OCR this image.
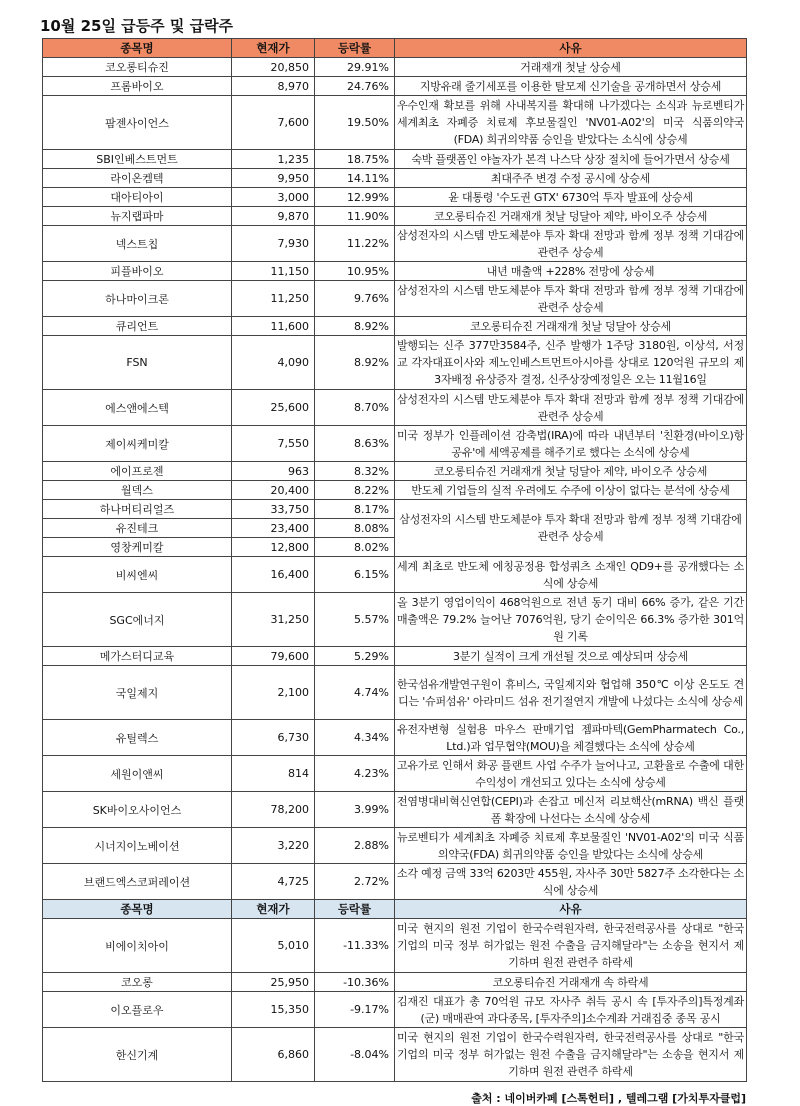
10월 25일 급등주 및 급락주
종목명	현재가	등락률	사유
코오롱티슈진	20,850	29.91%	거래재개 첫날 상승세
프롬바이오	8,970	24.76%	지방유래 줄기세포를 이용한 탈모제 신기술을 공개하면서 상승세
팜젠사이언스	7,600	19.50%	우수인재 확보를 위해 사내복지를 확대해 나가겠다는 소식과 뉴로벤티가 세계최초 자폐증 치료제 후보물질인 'NV01-A02'의 미국 식품의약국(FDA) 희귀의약품 승인을 받았다는 소식에 상승세
SBI인베스트먼트	1,235	18.75%	숙박 플랫폼인 야놀자가 본격 나스닥 상장 절치에 들어가면서 상승세
라이온켐텍	9,950	14.11%	최대주주 변경 수정 공시에 상승세
대아티아이	3,000	12.99%	윤 대통령 '수도권 GTX' 6730억 투자 발표에 상승세
뉴지랩파마	9,870	11.90%	코오롱티슈진 거래재개 첫날 덩달아 제약, 바이오주 상승세
넥스트칩	7,930	11.22%	삼성전자의 시스템 반도체분야 투자 확대 전망과 함께 정부 정책 기대감에 관련주 상승세
피플바이오	11,150	10.95%	내년 매출액 +228% 전망에 상승세
하나마이크론	11,250	9.76%	삼성전자의 시스템 반도체분야 투자 확대 전망과 함께 정부 정책 기대감에 관련주 상승세
큐리언트	11,600	8.92%	코오롱티슈진 거래재개 첫날 덩달아 상승세
FSN	4,090	8.92%	발행되는 신주 377만3584주, 신주 발행가 1주당 3180원, 이상석, 서정교 각자대표이사와 제노인베스트먼트아시아를 상대로 120억원 규모의 제3자배정 유상증자 결정, 신주상장예정일은 오는 11월16일
에스앤에스텍	25,600	8.70%	삼성전자의 시스템 반도체분야 투자 확대 전망과 함께 정부 정책 기대감에 관련주 상승세
제이씨케미칼	7,550	8.63%	미국 정부가 인플레이션 감축법(IRA)에 따라 내년부터 '친환경(바이오)항공유'에 세액공제를 해주기로 했다는 소식에 상승세
에이프로젠	963	8.32%	코오롱티슈진 거래재개 첫날 덩달아 제약, 바이오주 상승세
월덱스	20,400	8.22%	반도체 기업들의 실적 우려에도 수주에 이상이 없다는 분석에 상승세
하나머티리얼즈	33,750	8.17%	삼성전자의 시스템 반도체분야 투자 확대 전망과 함께 정부 정책 기대감에 관련주 상승세
유진테크	23,400	8.08%	
영창케미칼	12,800	8.02%	
비씨엔씨	16,400	6.15%	세계 최초로 반도체 에칭공정용 합성쿼츠 소재인 QD9+를 공개했다는 소식에 상승세
SGC에너지	31,250	5.57%	올 3분기 영업이익이 468억원으로 전년 동기 대비 66% 증가, 같은 기간 매출액은 79.2% 늘어난 7076억원, 당기 순이익은 66.3% 증가한 301억원 기록
메가스터디교육	79,600	5.29%	3분기 실적이 크게 개선될 것으로 예상되며 상승세
국일제지	2,100	4.74%	한국섬유개발연구원이 휴비스, 국일제지와 협업해 350℃ 이상 온도도 견디는 '슈퍼섬유' 아라미드 섬유 전기절연지 개발에 나섰다는 소식에 상승세
유틸렉스	6,730	4.34%	유전자변형 실험용 마우스 판매기업 젬파마텍(GemPharmatech Co., Ltd.)과 업무협약(MOU)을 체결했다는 소식에 상승세
세원이앤씨	814	4.23%	고유가로 인해서 화공 플랜트 사업 수주가 늘어나고, 고환율로 수출에 대한 수익성이 개선되고 있다는 소식에 상승세
SK바이오사이언스	78,200	3.99%	전염병대비혁신연합(CEPI)과 손잡고 메신저 리보핵산(mRNA) 백신 플랫폼 확장에 나선다는 소식에 상승세
시너지이노베이션	3,220	2.88%	뉴로벤티가 세계최초 자폐증 치료제 후보물질인 'NV01-A02'의 미국 식품의약국(FDA) 희귀의약품 승인을 받았다는 소식에 상승세
브랜드엑스코퍼레이션	4,725	2.72%	소각 예정 금액 33억 6203만 455원, 자사주 30만 5827주 소각한다는 소식에 상승세
종목명	현재가	등락률	사유
비에이치아이	5,010	-11.33%	미국 현지의 원전 기업이 한국수력원자력, 한국전력공사를 상대로 "한국 기업의 미국 정부 허가없는 원전 수출을 금지해달라"는 소송을 현지서 제기하며 원전 관련주 하락세
코오롱	25,950	-10.36%	코오롱티슈진 거래재개 속 하락세
이오플로우	15,350	-9.17%	김재진 대표가 총 70억원 규모 자사주 취득 공시 속 [투자주의]특정계좌(군) 매매관여 과다종목, [투자주의]소수계좌 거래집중 종목 공시
한신기계	6,860	-8.04%	미국 현지의 원전 기업이 한국수력원자력, 한국전력공사를 상대로 "한국 기업의 미국 정부 허가없는 원전 수출을 금지해달라"는 소송을 현지서 제기하며 원전 관련주 하락세
출처 : 네이버카페 [스톡헌터] , 텔레그램 [가치투자클럽]
